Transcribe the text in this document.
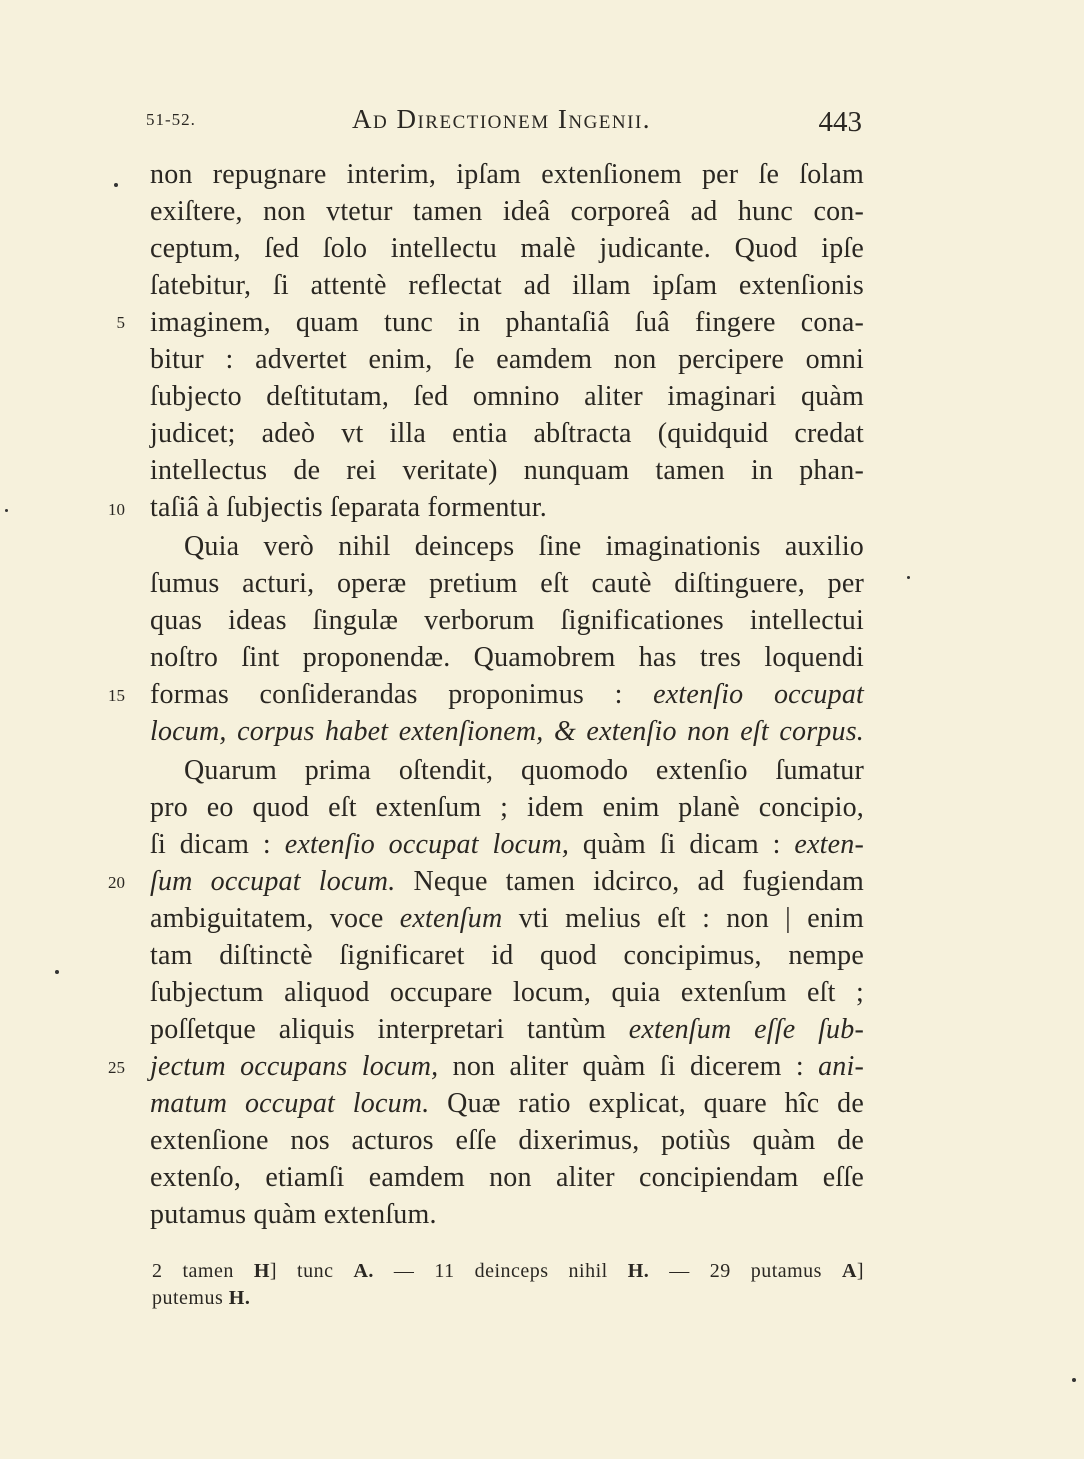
51-52.	Ad Directionem Ingenii.	443
non repugnare interim, ipſam extenſionem per ſe ſolam
exiſtere, non vtetur tamen ideâ corporeâ ad hunc con-
ceptum, ſed ſolo intellectu malè judicante. Quod ipſe
ſatebitur, ſi attentè reflectat ad illam ipſam extenſionis
imaginem, quam tunc in phantaſiâ ſuâ fingere cona-
bitur : advertet enim, ſe eamdem non percipere omni
ſubjecto deſtitutam, ſed omnino aliter imaginari quàm
judicet; adeò vt illa entia abſtracta (quidquid credat
intellectus de rei veritate) nunquam tamen in phan-
taſiâ à ſubjectis ſeparata formentur.
Quia verò nihil deinceps ſine imaginationis auxilio
ſumus acturi, operæ pretium eſt cautè diſtinguere, per
quas ideas ſingulæ verborum ſignificationes intellectui
noſtro ſint proponendæ. Quamobrem has tres loquendi
formas conſiderandas proponimus : extenſio occupat
locum, corpus habet extenſionem, & extenſio non eſt corpus.
Quarum prima oſtendit, quomodo extenſio ſumatur
pro eo quod eſt extenſum ; idem enim planè concipio,
ſi dicam : extenſio occupat locum, quàm ſi dicam : exten-
ſum occupat locum. Neque tamen idcirco, ad fugiendam
ambiguitatem, voce extenſum vti melius eſt : non | enim
tam diſtinctè ſignificaret id quod concipimus, nempe
ſubjectum aliquod occupare locum, quia extenſum eſt ;
poſſetque aliquis interpretari tantùm extenſum eſſe ſub-
jectum occupans locum, non aliter quàm ſi dicerem : ani-
matum occupat locum. Quæ ratio explicat, quare hîc de
extenſione nos acturos eſſe dixerimus, potiùs quàm de
extenſo, etiamſi eamdem non aliter concipiendam eſſe
putamus quàm extenſum.
5
10
15
20
25
2 tamen H] tunc A. — 11 deinceps nihil H. — 29 putamus A]
putemus H.
